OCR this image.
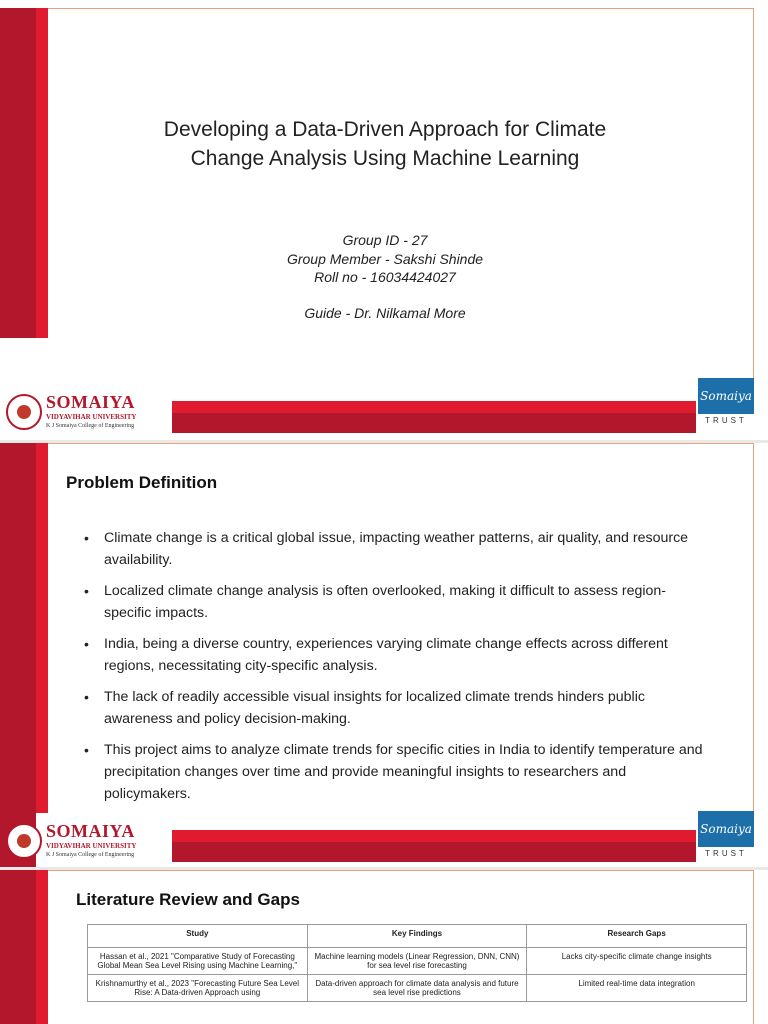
Developing a Data-Driven Approach for Climate
Change Analysis Using Machine Learning
Group ID - 27
Group Member - Sakshi Shinde
Roll no - 16034424027
Guide - Dr. Nilkamal More
SOMAIYA
VIDYAVIHAR UNIVERSITY
K J Somaiya College of Engineering
Somaiya
TRUST
Problem Definition
• Climate change is a critical global issue, impacting weather patterns, air quality, and resource availability.
• Localized climate change analysis is often overlooked, making it difficult to assess region-specific impacts.
• India, being a diverse country, experiences varying climate change effects across different regions, necessitating city-specific analysis.
• The lack of readily accessible visual insights for localized climate trends hinders public awareness and policy decision-making.
• This project aims to analyze climate trends for specific cities in India to identify temperature and precipitation changes over time and provide meaningful insights to researchers and policymakers.
SOMAIYA
VIDYAVIHAR UNIVERSITY
K J Somaiya College of Engineering
Somaiya
TRUST
Literature Review and Gaps
Study	Key Findings	Research Gaps
Hassan et al., 2021 "Comparative Study of Forecasting Global Mean Sea Level Rising using Machine Learning,"	Machine learning models (Linear Regression, DNN, CNN) for sea level rise forecasting	Lacks city-specific climate change insights
Krishnamurthy et al., 2023 "Forecasting Future Sea Level Rise: A Data-driven Approach using	Data-driven approach for climate data analysis and future sea level rise predictions	Limited real-time data integration
